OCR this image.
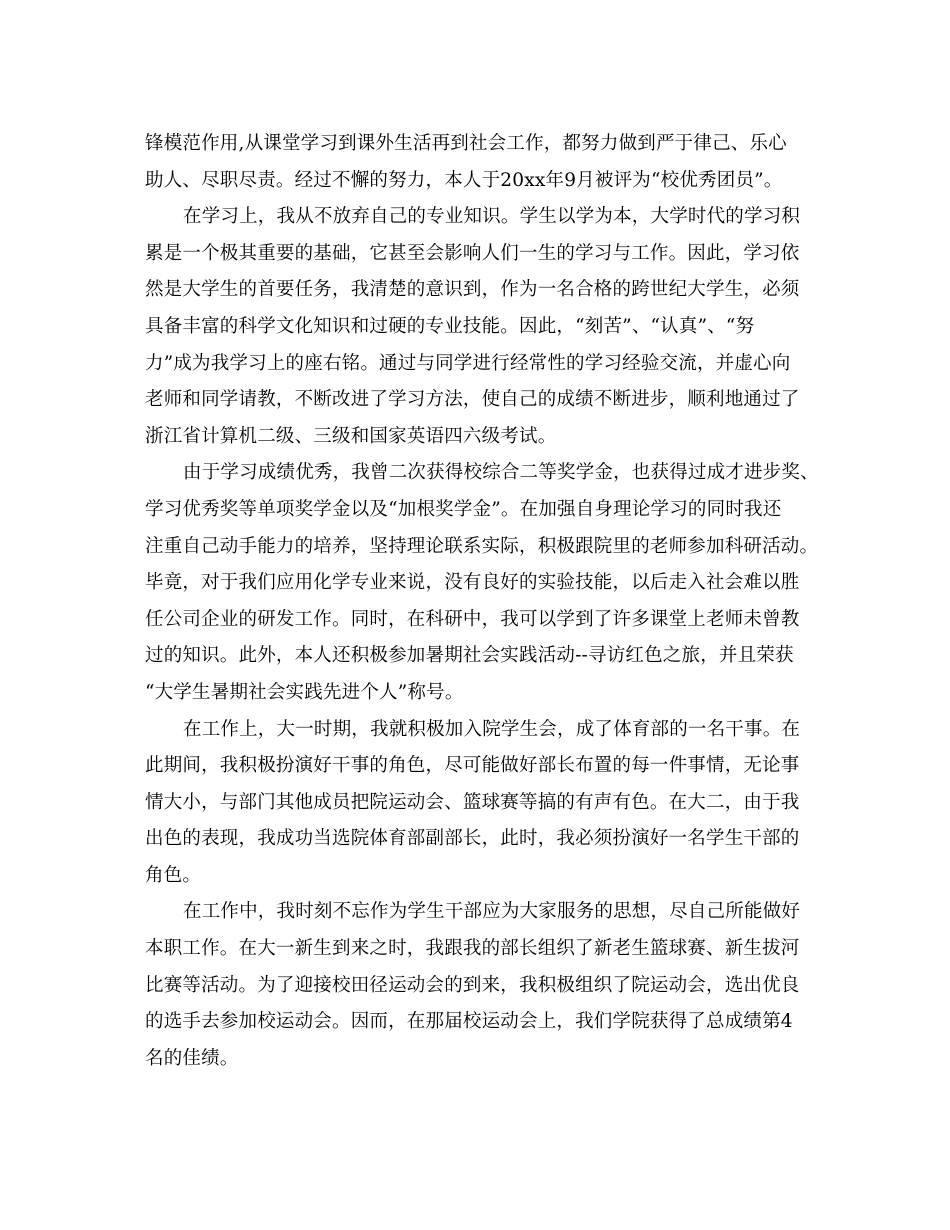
锋模范作用,从课堂学习到课外生活再到社会工作，都努力做到严于律己、乐心
助人、尽职尽责。经过不懈的努力，本人于20xx年9月被评为“校优秀团员”。
在学习上，我从不放弃自己的专业知识。学生以学为本，大学时代的学习积
累是一个极其重要的基础，它甚至会影响人们一生的学习与工作。因此，学习依
然是大学生的首要任务，我清楚的意识到，作为一名合格的跨世纪大学生，必须
具备丰富的科学文化知识和过硬的专业技能。因此，“刻苦”、“认真”、“努
力”成为我学习上的座右铭。通过与同学进行经常性的学习经验交流，并虚心向
老师和同学请教，不断改进了学习方法，使自己的成绩不断进步，顺利地通过了
浙江省计算机二级、三级和国家英语四六级考试。
由于学习成绩优秀，我曾二次获得校综合二等奖学金，也获得过成才进步奖、
学习优秀奖等单项奖学金以及“加根奖学金”。在加强自身理论学习的同时我还
注重自己动手能力的培养，坚持理论联系实际，积极跟院里的老师参加科研活动。
毕竟，对于我们应用化学专业来说，没有良好的实验技能，以后走入社会难以胜
任公司企业的研发工作。同时，在科研中，我可以学到了许多课堂上老师未曾教
过的知识。此外，本人还积极参加暑期社会实践活动--寻访红色之旅，并且荣获
“大学生暑期社会实践先进个人”称号。
在工作上，大一时期，我就积极加入院学生会，成了体育部的一名干事。在
此期间，我积极扮演好干事的角色，尽可能做好部长布置的每一件事情，无论事
情大小，与部门其他成员把院运动会、篮球赛等搞的有声有色。在大二，由于我
出色的表现，我成功当选院体育部副部长，此时，我必须扮演好一名学生干部的
角色。
在工作中，我时刻不忘作为学生干部应为大家服务的思想，尽自己所能做好
本职工作。在大一新生到来之时，我跟我的部长组织了新老生篮球赛、新生拔河
比赛等活动。为了迎接校田径运动会的到来，我积极组织了院运动会，选出优良
的选手去参加校运动会。因而，在那届校运动会上，我们学院获得了总成绩第4
名的佳绩。
